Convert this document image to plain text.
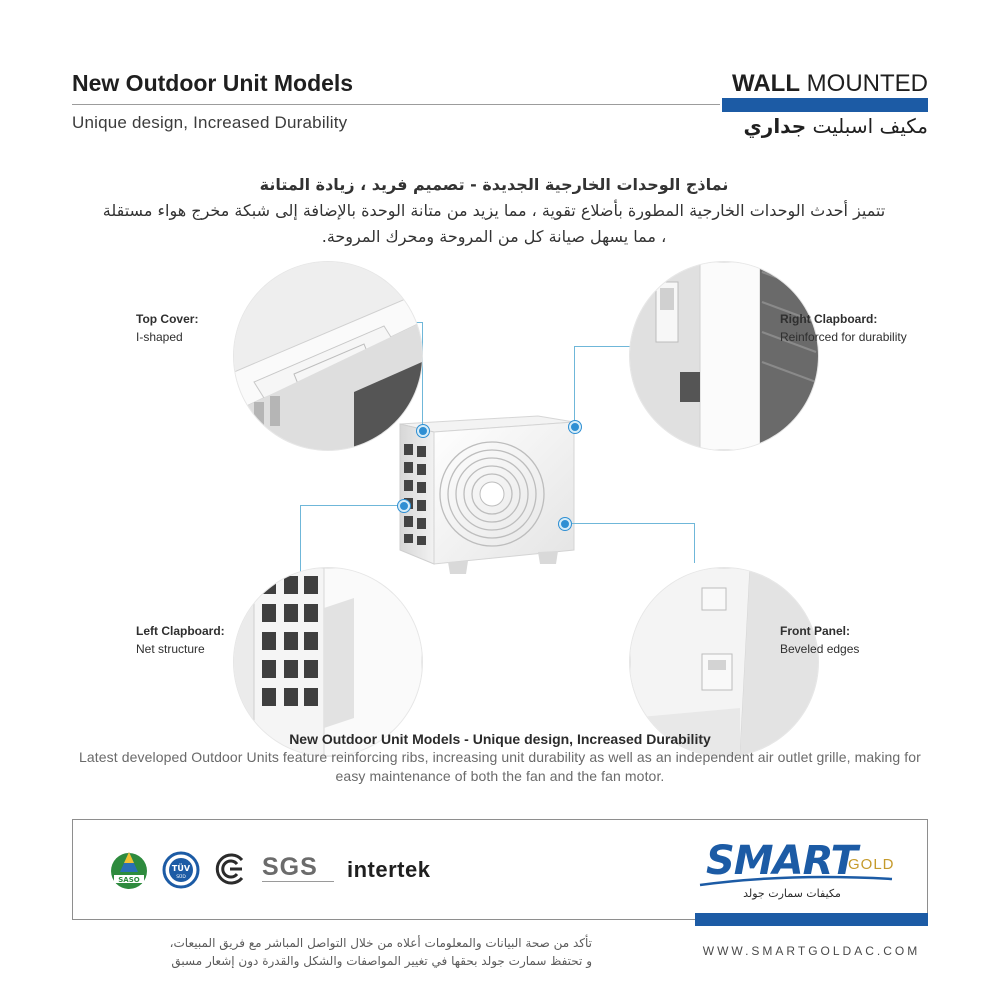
New Outdoor Unit Models
Unique design, Increased Durability
WALL MOUNTED
مكيف اسبليت جداري
نماذج الوحدات الخارجية الجديدة - تصميم فريد ، زيادة المتانة
تتميز أحدث الوحدات الخارجية المطورة بأضلاع تقوية ، مما يزيد من متانة الوحدة بالإضافة إلى شبكة مخرج هواء مستقلة
، مما يسهل صيانة كل من المروحة ومحرك المروحة.
Top Cover:
I-shaped
Right Clapboard:
Reinforced for durability
Left Clapboard:
Net structure
Front Panel:
Beveled edges
New Outdoor Unit Models - Unique design, Increased Durability
Latest developed Outdoor Units feature reinforcing ribs, increasing unit durability as well as an independent air outlet grille, making for
easy maintenance of both the fan and the fan motor.
SASO
TÜV
SÜD	SGS intertek	SMART
GOLD
مكيفات سمارت جولد
WWW.SMARTGOLDAC.COM
تأكد من صحة البيانات والمعلومات أعلاه من خلال التواصل المباشر مع فريق المبيعات،
و تحتفظ سمارت جولد بحقها في تغيير المواصفات والشكل والقدرة دون إشعار مسبق
